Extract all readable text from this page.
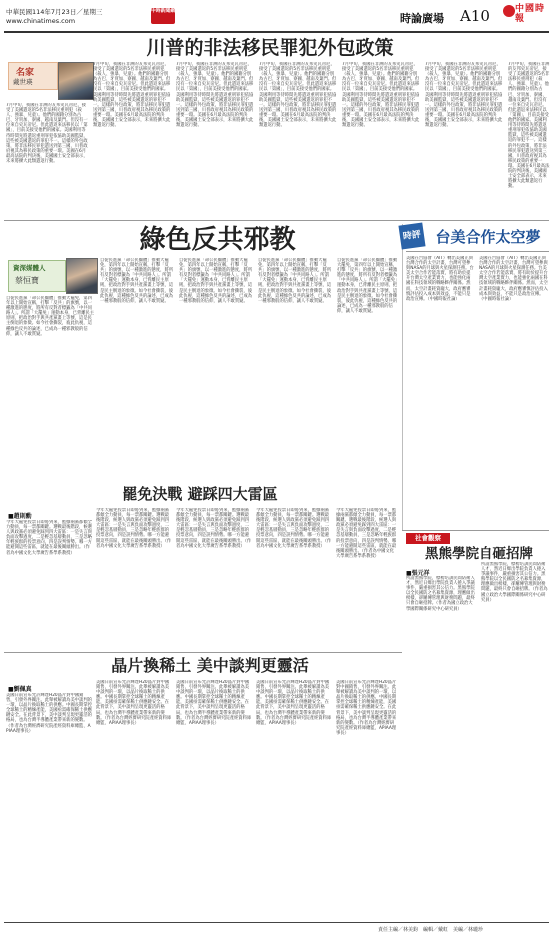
中華民國114年7月23日／星期三
www.chinatimes.com
中時新聞網
時論廣場 A10	中國時報
川普的非法移民罪犯外包政策
名家
戴世瑛
7月中旬，我國在非洲的友邦史瓦帝尼，接受了美國遣返的5名非法移民重刑犯（殺人、強暴、兒童）。他們的國籍分別為古巴、牙買加、寮國、越南及葉門。但沒有一位來自史瓦帝尼。但此遣返來法移民以「第國」，目前美接受他們的國家。美國利用等待時間先將遣返重刑罪犯依協助美國監獄，這些被美國遣返的罪犯不一。這樣的外包政策，將非法移民罪犯遣送到第三國，川普政府視其為移民政策的重要一環。美國在6月最高法院的判決後，美國國土安全部表示，未來將擴大此類遣返行動。
7月中旬，我國在非洲的友邦史瓦帝尼，接受了美國遣返的5名非法移民重刑犯（殺人、強暴、兒童）。他們的國籍分別為古巴、牙買加、寮國、越南及葉門。但沒有一位來自史瓦帝尼。但此遣返來法移民以「第國」，目前美接受他們的國家。美國利用等待時間先將遣返重刑罪犯依協助美國監獄，這些被美國遣返的罪犯不一。這樣的外包政策，將非法移民罪犯遣送到第三國，川普政府視其為移民政策的重要一環。美國在6月最高法院的判決後，美國國土安全部表示，未來將擴大此類遣返行動。
7月中旬，我國在非洲的友邦史瓦帝尼，接受了美國遣返的5名非法移民重刑犯（殺人、強暴、兒童）。他們的國籍分別為古巴、牙買加、寮國、越南及葉門。但沒有一位來自史瓦帝尼。但此遣返來法移民以「第國」，目前美接受他們的國家。美國利用等待時間先將遣返重刑罪犯依協助美國監獄，這些被美國遣返的罪犯不一。這樣的外包政策，將非法移民罪犯遣送到第三國，川普政府視其為移民政策的重要一環。美國在6月最高法院的判決後，美國國土安全部表示，未來將擴大此類遣返行動。
7月中旬，我國在非洲的友邦史瓦帝尼，接受了美國遣返的5名非法移民重刑犯（殺人、強暴、兒童）。他們的國籍分別為古巴、牙買加、寮國、越南及葉門。但沒有一位來自史瓦帝尼。但此遣返來法移民以「第國」，目前美接受他們的國家。美國利用等待時間先將遣返重刑罪犯依協助美國監獄，這些被美國遣返的罪犯不一。這樣的外包政策，將非法移民罪犯遣送到第三國，川普政府視其為移民政策的重要一環。美國在6月最高法院的判決後，美國國土安全部表示，未來將擴大此類遣返行動。
7月中旬，我國在非洲的友邦史瓦帝尼，接受了美國遣返的5名非法移民重刑犯（殺人、強暴、兒童）。他們的國籍分別為古巴、牙買加、寮國、越南及葉門。但沒有一位來自史瓦帝尼。但此遣返來法移民以「第國」，目前美接受他們的國家。美國利用等待時間先將遣返重刑罪犯依協助美國監獄，這些被美國遣返的罪犯不一。這樣的外包政策，將非法移民罪犯遣送到第三國，川普政府視其為移民政策的重要一環。美國在6月最高法院的判決後，美國國土安全部表示，未來將擴大此類遣返行動。
7月中旬，我國在非洲的友邦史瓦帝尼，接受了美國遣返的5名非法移民重刑犯（殺人、強暴、兒童）。他們的國籍分別為古巴、牙買加、寮國、越南及葉門。但沒有一位來自史瓦帝尼。但此遣返來法移民以「第國」，目前美接受他們的國家。美國利用等待時間先將遣返重刑罪犯依協助美國監獄，這些被美國遣返的罪犯不一。這樣的外包政策，將非法移民罪犯遣送到第三國，川普政府視其為移民政策的重要一環。美國在6月最高法院的判決後，美國國土安全部表示，未來將擴大此類遣返行動。
7月中旬，我國在非洲的友邦史瓦帝尼，接受了美國遣返的5名非法移民重刑犯（殺人、強暴、兒童）。他們的國籍分別為古巴、牙買加、寮國、越南及葉門。但沒有一位來自史瓦帝尼。但此遣返來法移民以「第國」，目前美接受他們的國家。美國利用等待時間先將遣返重刑罪犯依協助美國監獄，這些被美國遣返的罪犯不一。這樣的外包政策，將非法移民罪犯遣送到第三國，川普政府視其為移民政策的重要一環。美國在6月最高法院的判決後，美國國土安全部表示，未來將擴大此類遣返行動。
綠色反共邪教
資深媒體人
蔡恒寶
自從民進黨「命公民團體」推動大罷免，第四年以上開始宣稱，打擊「反共」的旗號，以一種激進的態度，將所有反對者標籤為「中共同路人」。所謂「大罷免」運動本身，已背離民主原則，把政治對手與共產黨畫上等號，這是民主倒退的象徵。如今社會撕裂，彼此仇視，這種綠色反共的論述，已成為一種邪教般的信仰，讓人不敢質疑。
自從民進黨「命公民團體」推動大罷免，第四年以上開始宣稱，打擊「反共」的旗號，以一種激進的態度，將所有反對者標籤為「中共同路人」。所謂「大罷免」運動本身，已背離民主原則，把政治對手與共產黨畫上等號，這是民主倒退的象徵。如今社會撕裂，彼此仇視，這種綠色反共的論述，已成為一種邪教般的信仰，讓人不敢質疑。
自從民進黨「命公民團體」推動大罷免，第四年以上開始宣稱，打擊「反共」的旗號，以一種激進的態度，將所有反對者標籤為「中共同路人」。所謂「大罷免」運動本身，已背離民主原則，把政治對手與共產黨畫上等號，這是民主倒退的象徵。如今社會撕裂，彼此仇視，這種綠色反共的論述，已成為一種邪教般的信仰，讓人不敢質疑。
自從民進黨「命公民團體」推動大罷免，第四年以上開始宣稱，打擊「反共」的旗號，以一種激進的態度，將所有反對者標籤為「中共同路人」。所謂「大罷免」運動本身，已背離民主原則，把政治對手與共產黨畫上等號，這是民主倒退的象徵。如今社會撕裂，彼此仇視，這種綠色反共的論述，已成為一種邪教般的信仰，讓人不敢質疑。
自從民進黨「命公民團體」推動大罷免，第四年以上開始宣稱，打擊「反共」的旗號，以一種激進的態度，將所有反對者標籤為「中共同路人」。所謂「大罷免」運動本身，已背離民主原則，把政治對手與共產黨畫上等號，這是民主倒退的象徵。如今社會撕裂，彼此仇視，這種綠色反共的論述，已成為一種邪教般的信仰，讓人不敢質疑。
時評 台美合作太空夢
美國在台協會（AIT）轉出美國正與台灣合作的太空計畫，台灣可望參與NASA的月球與火星探測任務。台美太空合作若能落實，將有助於提升台灣太空產業實力，也能強化兩國在科技領域的戰略夥伴關係。然而，太空計畫耗資龐大，政府應審慎評估投入成本與效益，不能只是政治宣傳。（中國時報社論）
美國在台協會（AIT）轉出美國正與台灣合作的太空計畫，台灣可望參與NASA的月球與火星探測任務。台美太空合作若能落實，將有助於提升台灣太空產業實力，也能強化兩國在科技領域的戰略夥伴關係。然而，太空計畫耗資龐大，政府應審慎評估投入成本與效益，不能只是政治宣傳。（中國時報社論）
罷免決戰 避踩四大雷區
■趙則勳
今年大罷免投票日即將到來，藍綠兩黨都傾全力動員，每一票都關鍵。選戰最後階段，候選人與政黨必須避免踩到四大雷區：一是失言與負面攻擊過度，二是輕忽基層動員，三是忽略年輕族群的投票意向，四是誤判情勢。哪一方能避開這些雷區，就能在最後關頭勝出。（作者為中國文化大學廣告系學系教授）
今年大罷免投票日即將到來，藍綠兩黨都傾全力動員，每一票都關鍵。選戰最後階段，候選人與政黨必須避免踩到四大雷區：一是失言與負面攻擊過度，二是輕忽基層動員，三是忽略年輕族群的投票意向，四是誤判情勢。哪一方能避開這些雷區，就能在最後關頭勝出。（作者為中國文化大學廣告系學系教授）
今年大罷免投票日即將到來，藍綠兩黨都傾全力動員，每一票都關鍵。選戰最後階段，候選人與政黨必須避免踩到四大雷區：一是失言與負面攻擊過度，二是輕忽基層動員，三是忽略年輕族群的投票意向，四是誤判情勢。哪一方能避開這些雷區，就能在最後關頭勝出。（作者為中國文化大學廣告系學系教授）
今年大罷免投票日即將到來，藍綠兩黨都傾全力動員，每一票都關鍵。選戰最後階段，候選人與政黨必須避免踩到四大雷區：一是失言與負面攻擊過度，二是輕忽基層動員，三是忽略年輕族群的投票意向，四是誤判情勢。哪一方能避開這些雷區，就能在最後關頭勝出。（作者為中國文化大學廣告系學系教授）
今年大罷免投票日即將到來，藍綠兩黨都傾全力動員，每一票都關鍵。選戰最後階段，候選人與政黨必須避免踩到四大雷區：一是失言與負面攻擊過度，二是輕忽基層動員，三是忽略年輕族群的投票意向，四是誤判情勢。哪一方能避開這些雷區，就能在最後關頭勝出。（作者為中國文化大學廣告系學系教授）
社會觀察
黑熊學院自砸招牌
■張元祥
所謂黑熊學院，標榜培訓民間防衛人才，然近日爆出學院負責人捲入爭議事件，嚴重損害其公信力。黑熊學院以全民國防之名募集資源，理應做出榜樣，卻屢傳管理與財務問題，最終只會自砸招牌。（作者為國立政治大學國際關係研究中心研究員）
所謂黑熊學院，標榜培訓民間防衛人才，然近日爆出學院負責人捲入爭議事件，嚴重損害其公信力。黑熊學院以全民國防之名募集資源，理應做出榜樣，卻屢傳管理與財務問題，最終只會自砸招牌。（作者為國立政治大學國際關係研究中心研究員）
晶片換稀土 美中談判更靈活
■劉佩真
美國日前宣布允許輝達H20晶片對中國銷售，引發外界關注。此舉被解讀為美中談判的一環，以晶片換取稀土的供應。中國長期掌控全球稀土的精煉產能，美國亟需確保稀土供應鏈安全。在此背景下，美中談判呈現更靈活的格局，也為台灣半導體產業帶來新的變數。（作者為台灣經濟研究院產經資料庫總監、APIAA理事長）
美國日前宣布允許輝達H20晶片對中國銷售，引發外界關注。此舉被解讀為美中談判的一環，以晶片換取稀土的供應。中國長期掌控全球稀土的精煉產能，美國亟需確保稀土供應鏈安全。在此背景下，美中談判呈現更靈活的格局，也為台灣半導體產業帶來新的變數。（作者為台灣經濟研究院產經資料庫總監、APIAA理事長）
美國日前宣布允許輝達H20晶片對中國銷售，引發外界關注。此舉被解讀為美中談判的一環，以晶片換取稀土的供應。中國長期掌控全球稀土的精煉產能，美國亟需確保稀土供應鏈安全。在此背景下，美中談判呈現更靈活的格局，也為台灣半導體產業帶來新的變數。（作者為台灣經濟研究院產經資料庫總監、APIAA理事長）
美國日前宣布允許輝達H20晶片對中國銷售，引發外界關注。此舉被解讀為美中談判的一環，以晶片換取稀土的供應。中國長期掌控全球稀土的精煉產能，美國亟需確保稀土供應鏈安全。在此背景下，美中談判呈現更靈活的格局，也為台灣半導體產業帶來新的變數。（作者為台灣經濟研究院產經資料庫總監、APIAA理事長）
美國日前宣布允許輝達H20晶片對中國銷售，引發外界關注。此舉被解讀為美中談判的一環，以晶片換取稀土的供應。中國長期掌控全球稀土的精煉產能，美國亟需確保稀土供應鏈安全。在此背景下，美中談判呈現更靈活的格局，也為台灣半導體產業帶來新的變數。（作者為台灣經濟研究院產經資料庫總監、APIAA理事長）
責任主編／林美鈞　編輯／戴虹　美編／林瓏珍
